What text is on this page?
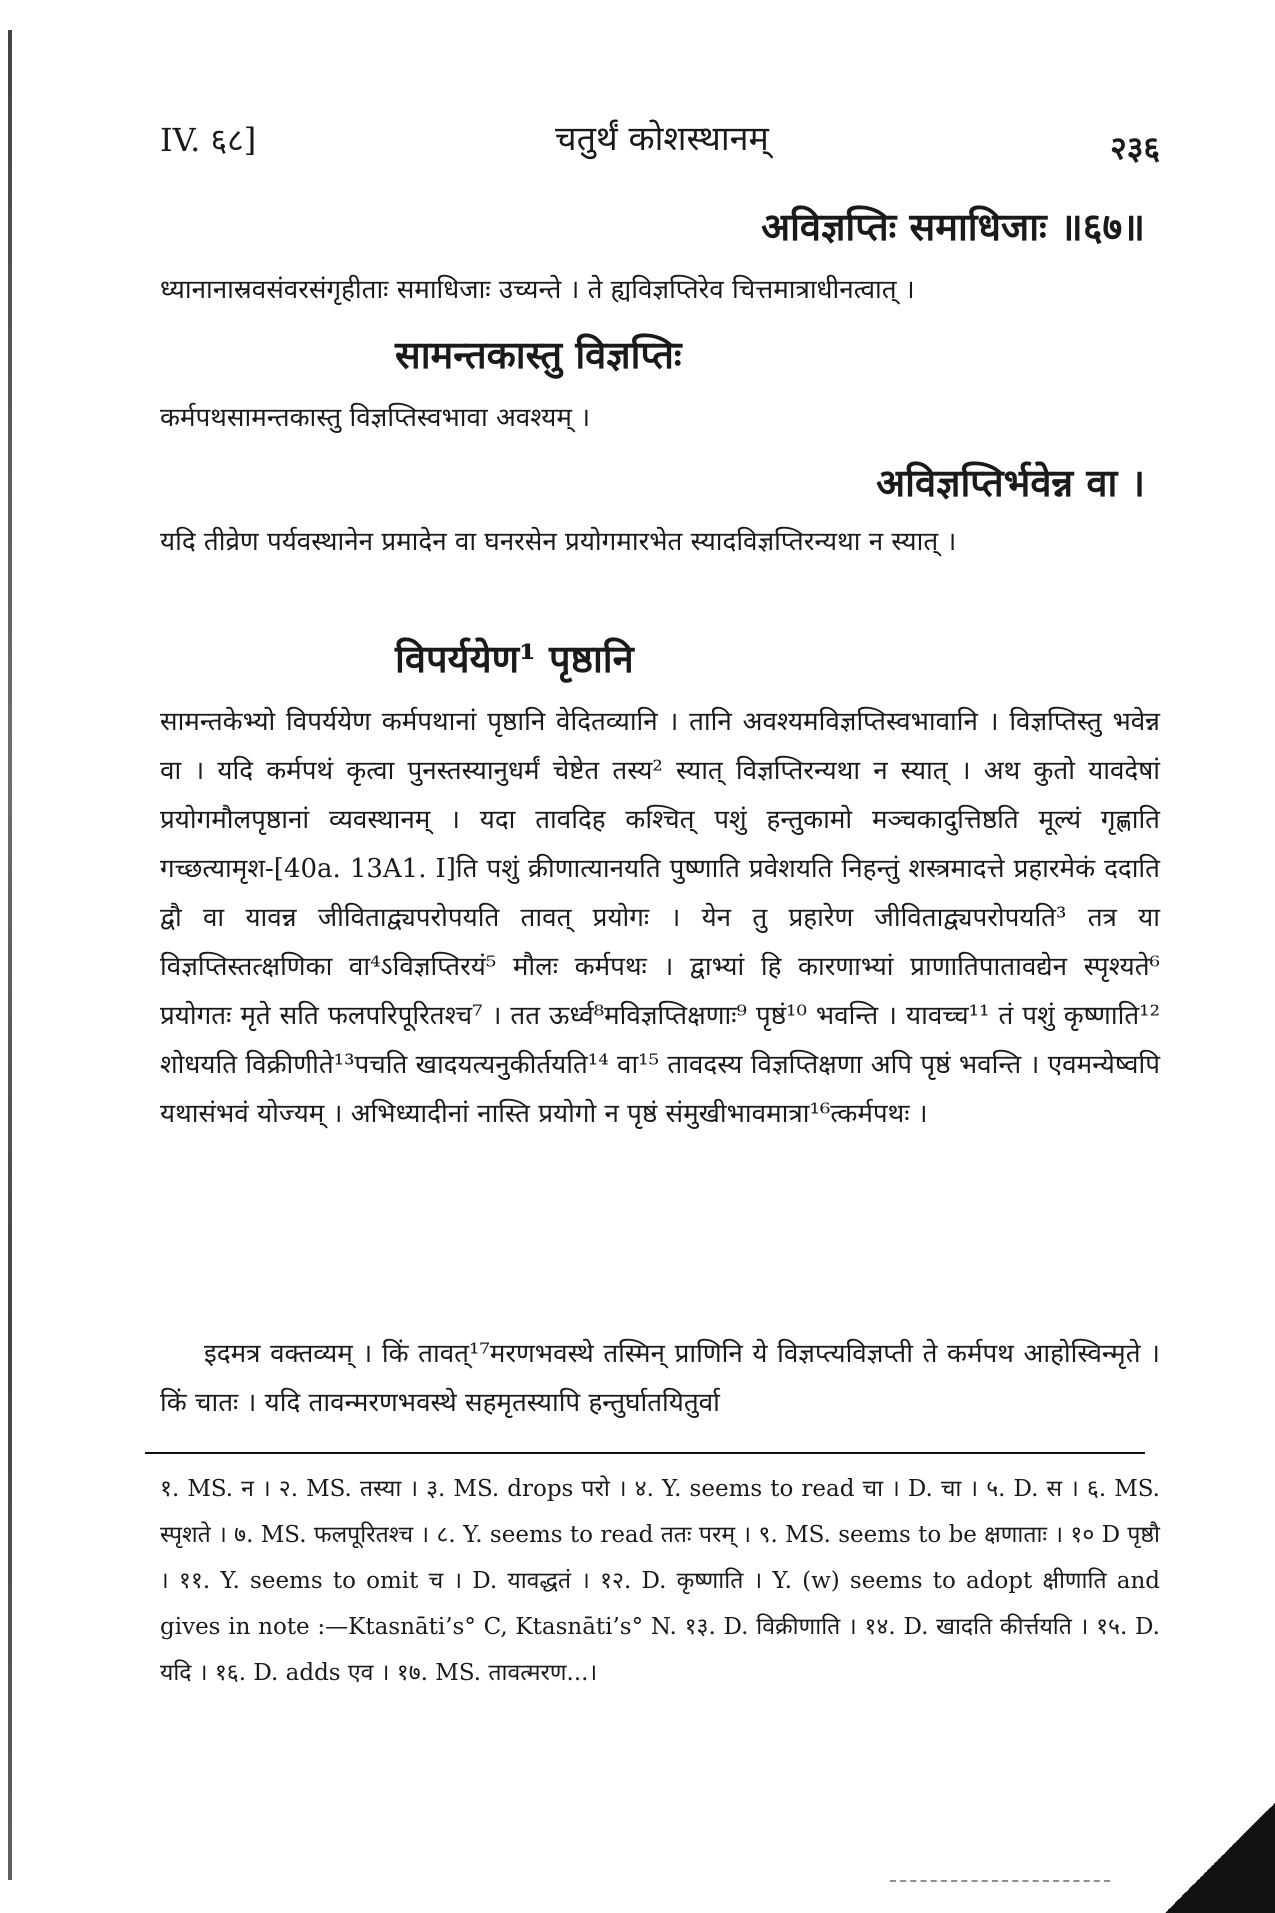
IV. ६८]	चतुर्थं कोशस्थानम्	२३६
अविज्ञप्तिः समाधिजाः ॥६७॥

ध्यानानास्रवसंवरसंगृहीताः समाधिजाः उच्यन्ते । ते ह्यविज्ञप्तिरेव चित्तमात्राधीनत्वात् ।

सामन्तकास्तु विज्ञप्तिः

कर्मपथसामन्तकास्तु विज्ञप्तिस्वभावा अवश्यम् ।

अविज्ञप्तिर्भवेन्न वा ।

यदि तीव्रेण पर्यवस्थानेन प्रमादेन वा घनरसेन प्रयोगमारभेत स्यादविज्ञप्तिरन्यथा न स्यात् ।

विपर्ययेण¹ पृष्ठानि

सामन्तकेभ्यो विपर्ययेण कर्मपथानां पृष्ठानि वेदितव्यानि । तानि अवश्यमविज्ञप्तिस्वभावानि । विज्ञप्तिस्तु भवेन्न वा । यदि कर्मपथं कृत्वा पुनस्तस्यानुधर्मं चेष्टेत तस्य² स्यात् विज्ञप्तिरन्यथा न स्यात् । अथ कुतो यावदेषां प्रयोगमौलपृष्ठानां व्यवस्थानम् । यदा तावदिह कश्चित् पशुं हन्तुकामो मञ्चकादुत्तिष्ठति मूल्यं गृह्णाति गच्छत्यामृश-[40a. 13A1. I]ति पशुं क्रीणात्यानयति पुष्णाति प्रवेशयति निहन्तुं शस्त्रमादत्ते प्रहारमेकं ददाति द्वौ वा यावन्न जीविताद्व्यपरोपयति तावत् प्रयोगः । येन तु प्रहारेण जीविताद्व्यपरोपयति³ तत्र या विज्ञप्तिस्तत्क्षणिका वा⁴ऽविज्ञप्तिरयं⁵ मौलः कर्मपथः । द्वाभ्यां हि कारणाभ्यां प्राणातिपातावद्येन स्पृश्यते⁶ प्रयोगतः मृते सति फलपरिपूरितश्च⁷ । तत ऊर्ध्व⁸मविज्ञप्तिक्षणाः⁹ पृष्ठं¹⁰ भवन्ति । यावच्च¹¹ तं पशुं कृष्णाति¹² शोधयति विक्रीणीते¹³पचति खादयत्यनुकीर्तयति¹⁴ वा¹⁵ तावदस्य विज्ञप्तिक्षणा अपि पृष्ठं भवन्ति । एवमन्येष्वपि यथासंभवं योज्यम् । अभिध्यादीनां नास्ति प्रयोगो न पृष्ठं संमुखीभावमात्रा¹⁶त्कर्मपथः ।

इदमत्र वक्तव्यम् । किं तावत्¹⁷मरणभवस्थे तस्मिन् प्राणिनि ये विज्ञप्त्यविज्ञप्ती ते कर्मपथ आहोस्विन्मृते । किं चातः । यदि तावन्मरणभवस्थे सहमृतस्यापि हन्तुर्घातयितुर्वा

१. MS. न । २. MS. तस्या । ३. MS. drops परो । ४. Y. seems to read चा । D. चा । ५. D. स । ६. MS. स्पृशते । ७. MS. फलपूरितश्च । ८. Y. seems to read ततः परम् । ९. MS. seems to be क्षणाताः । १० D पृष्ठौ । ११. Y. seems to omit च । D. यावद्धतं । १२. D. कृष्णाति । Y. (w) seems to adopt क्षीणाति and gives in note :—Ktasnāti’s° C, Ktasnāti’s° N. १३. D. विक्रीणाति । १४. D. खादति कीर्त्तयति । १५. D. यदि । १६. D. adds एव । १७. MS. तावत्मरण...।
